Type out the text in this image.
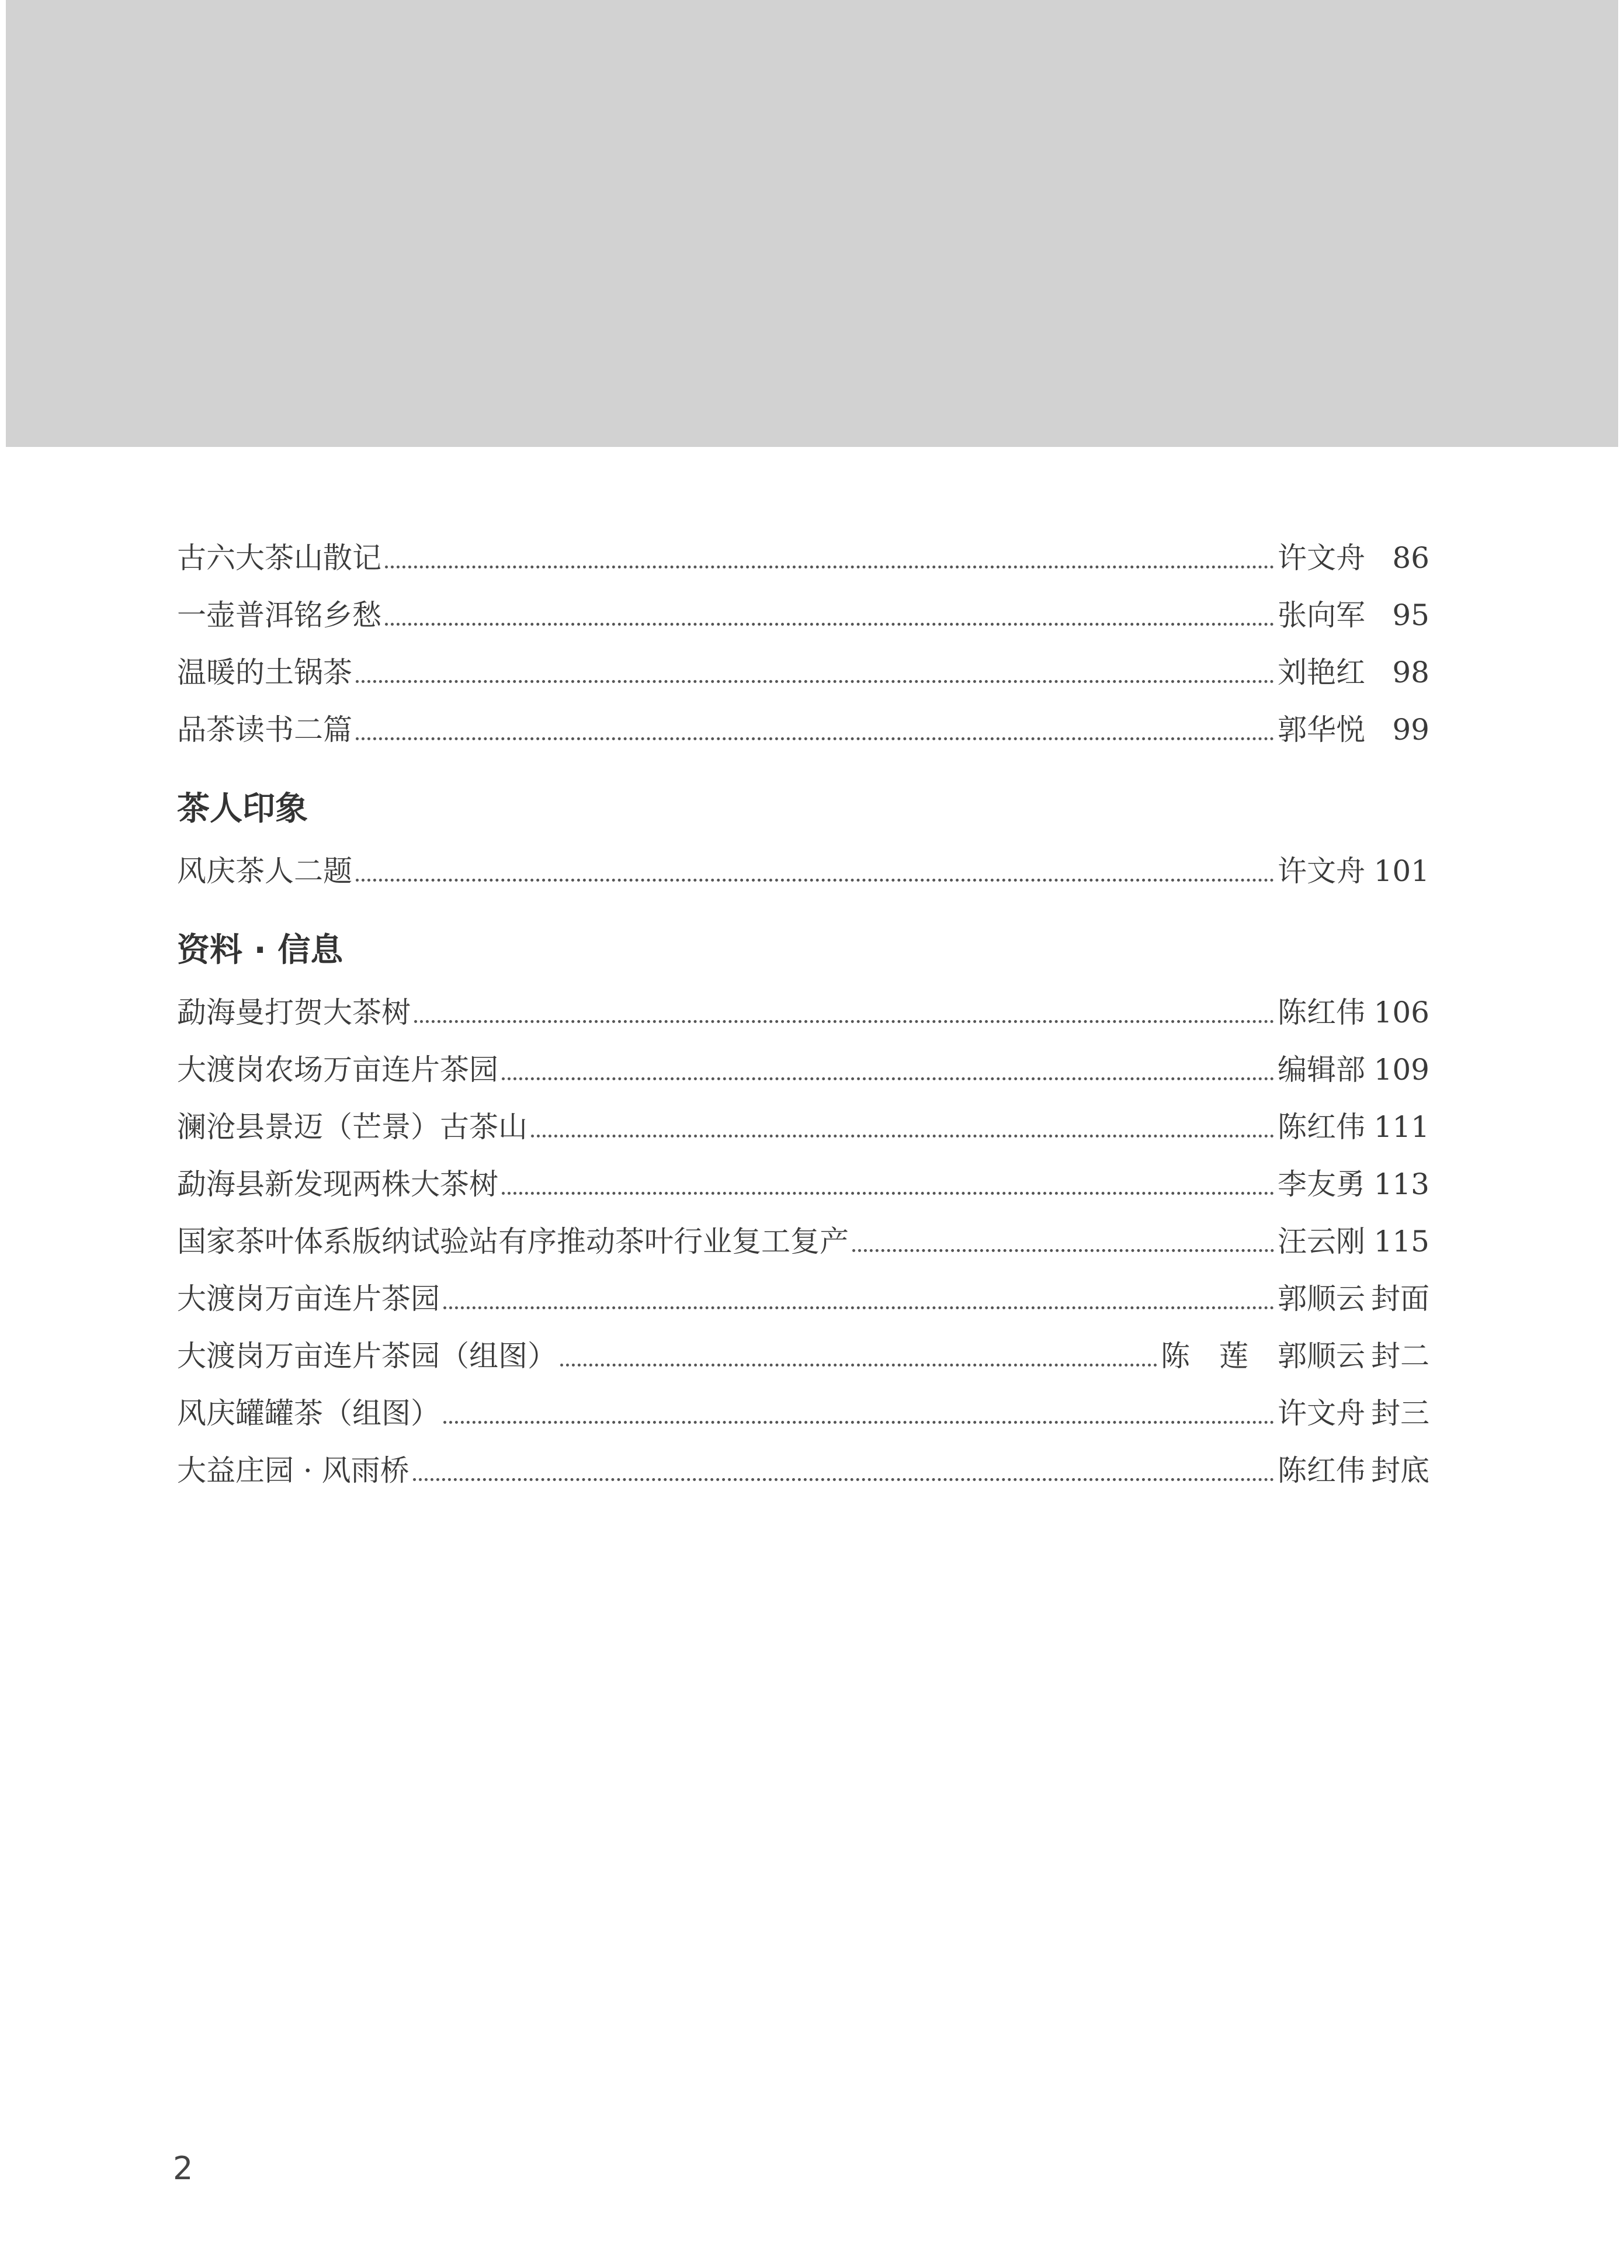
古六大茶山散记	许文舟 86
一壶普洱铭乡愁	张向军 95
温暖的土锅茶	刘艳红 98
品茶读书二篇	郭华悦 99
茶人印象
风庆茶人二题	许文舟 101
资料 · 信息
勐海曼打贺大茶树	陈红伟 106
大渡岗农场万亩连片茶园	编辑部 109
澜沧县景迈（芒景）古茶山	陈红伟 111
勐海县新发现两株大茶树	李友勇 113
国家茶叶体系版纳试验站有序推动茶叶行业复工复产	汪云刚 115
大渡岗万亩连片茶园	郭顺云 封面
大渡岗万亩连片茶园（组图）	陈　莲　郭顺云 封二
风庆罐罐茶（组图）	许文舟 封三
大益庄园 · 风雨桥	陈红伟 封底
2
